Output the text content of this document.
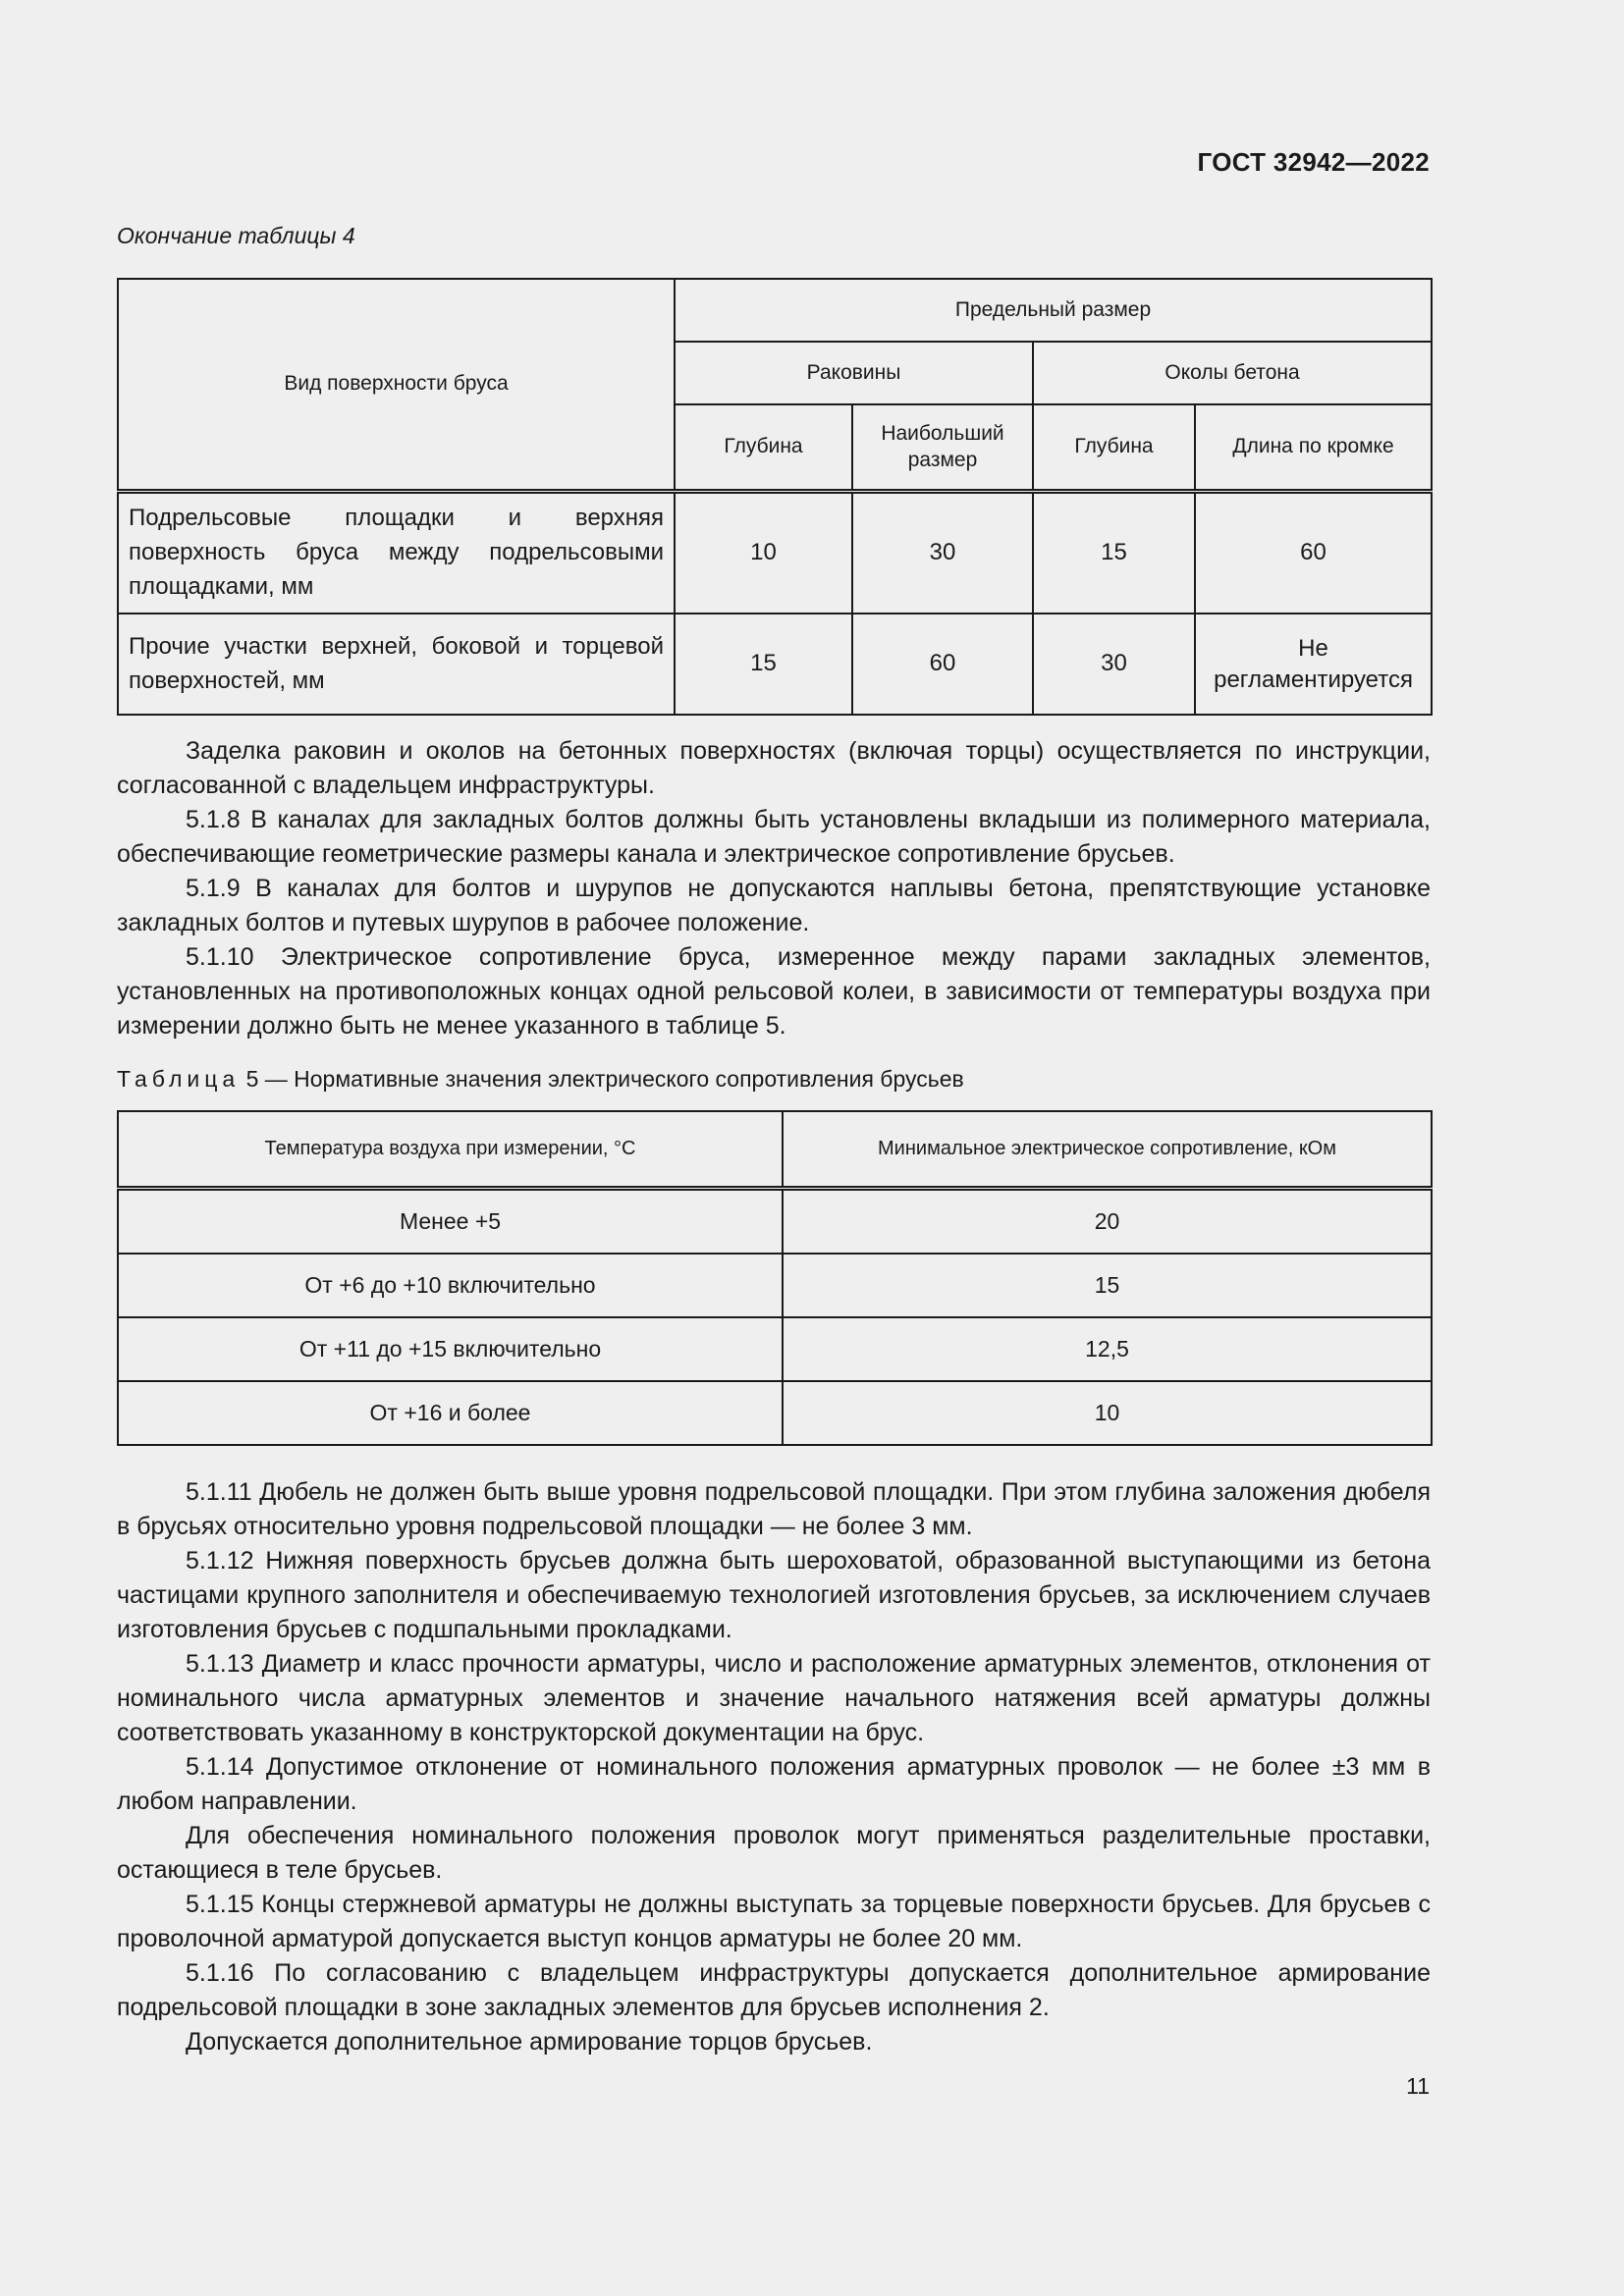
ГОСТ 32942—2022
Окончание таблицы 4
Вид поверхности бруса	Предельный размер			
	Раковины		Околы бетона	
	Глубина	Наибольший размер	Глубина	Длина по кромке
Подрельсовые площадки и верхняя поверхность бруса между подрельсовыми площадками, мм	10	30	15	60
Прочие участки верхней, боковой и торцевой поверхностей, мм	15	60	30	Не регламентируется

Заделка раковин и околов на бетонных поверхностях (включая торцы) осуществляется по инструкции, согласованной с владельцем инфраструктуры.

5.1.8 В каналах для закладных болтов должны быть установлены вкладыши из полимерного материала, обеспечивающие геометрические размеры канала и электрическое сопротивление брусьев.

5.1.9 В каналах для болтов и шурупов не допускаются наплывы бетона, препятствующие установке закладных болтов и путевых шурупов в рабочее положение.

5.1.10 Электрическое сопротивление бруса, измеренное между парами закладных элементов, установленных на противоположных концах одной рельсовой колеи, в зависимости от температуры воздуха при измерении должно быть не менее указанного в таблице 5.

Таблица 5 — Нормативные значения электрического сопротивления брусьев
Температура воздуха при измерении, °С	Минимальное электрическое сопротивление, кОм
Менее +5	20
От +6 до +10 включительно	15
От +11 до +15 включительно	12,5
От +16 и более	10

5.1.11 Дюбель не должен быть выше уровня подрельсовой площадки. При этом глубина заложения дюбеля в брусьях относительно уровня подрельсовой площадки — не более 3 мм.

5.1.12 Нижняя поверхность брусьев должна быть шероховатой, образованной выступающими из бетона частицами крупного заполнителя и обеспечиваемую технологией изготовления брусьев, за исключением случаев изготовления брусьев с подшпальными прокладками.

5.1.13 Диаметр и класс прочности арматуры, число и расположение арматурных элементов, отклонения от номинального числа арматурных элементов и значение начального натяжения всей арматуры должны соответствовать указанному в конструкторской документации на брус.

5.1.14 Допустимое отклонение от номинального положения арматурных проволок — не более ±3 мм в любом направлении.

Для обеспечения номинального положения проволок могут применяться разделительные проставки, остающиеся в теле брусьев.

5.1.15 Концы стержневой арматуры не должны выступать за торцевые поверхности брусьев. Для брусьев с проволочной арматурой допускается выступ концов арматуры не более 20 мм.

5.1.16 По согласованию с владельцем инфраструктуры допускается дополнительное армирование подрельсовой площадки в зоне закладных элементов для брусьев исполнения 2.

Допускается дополнительное армирование торцов брусьев.

11
